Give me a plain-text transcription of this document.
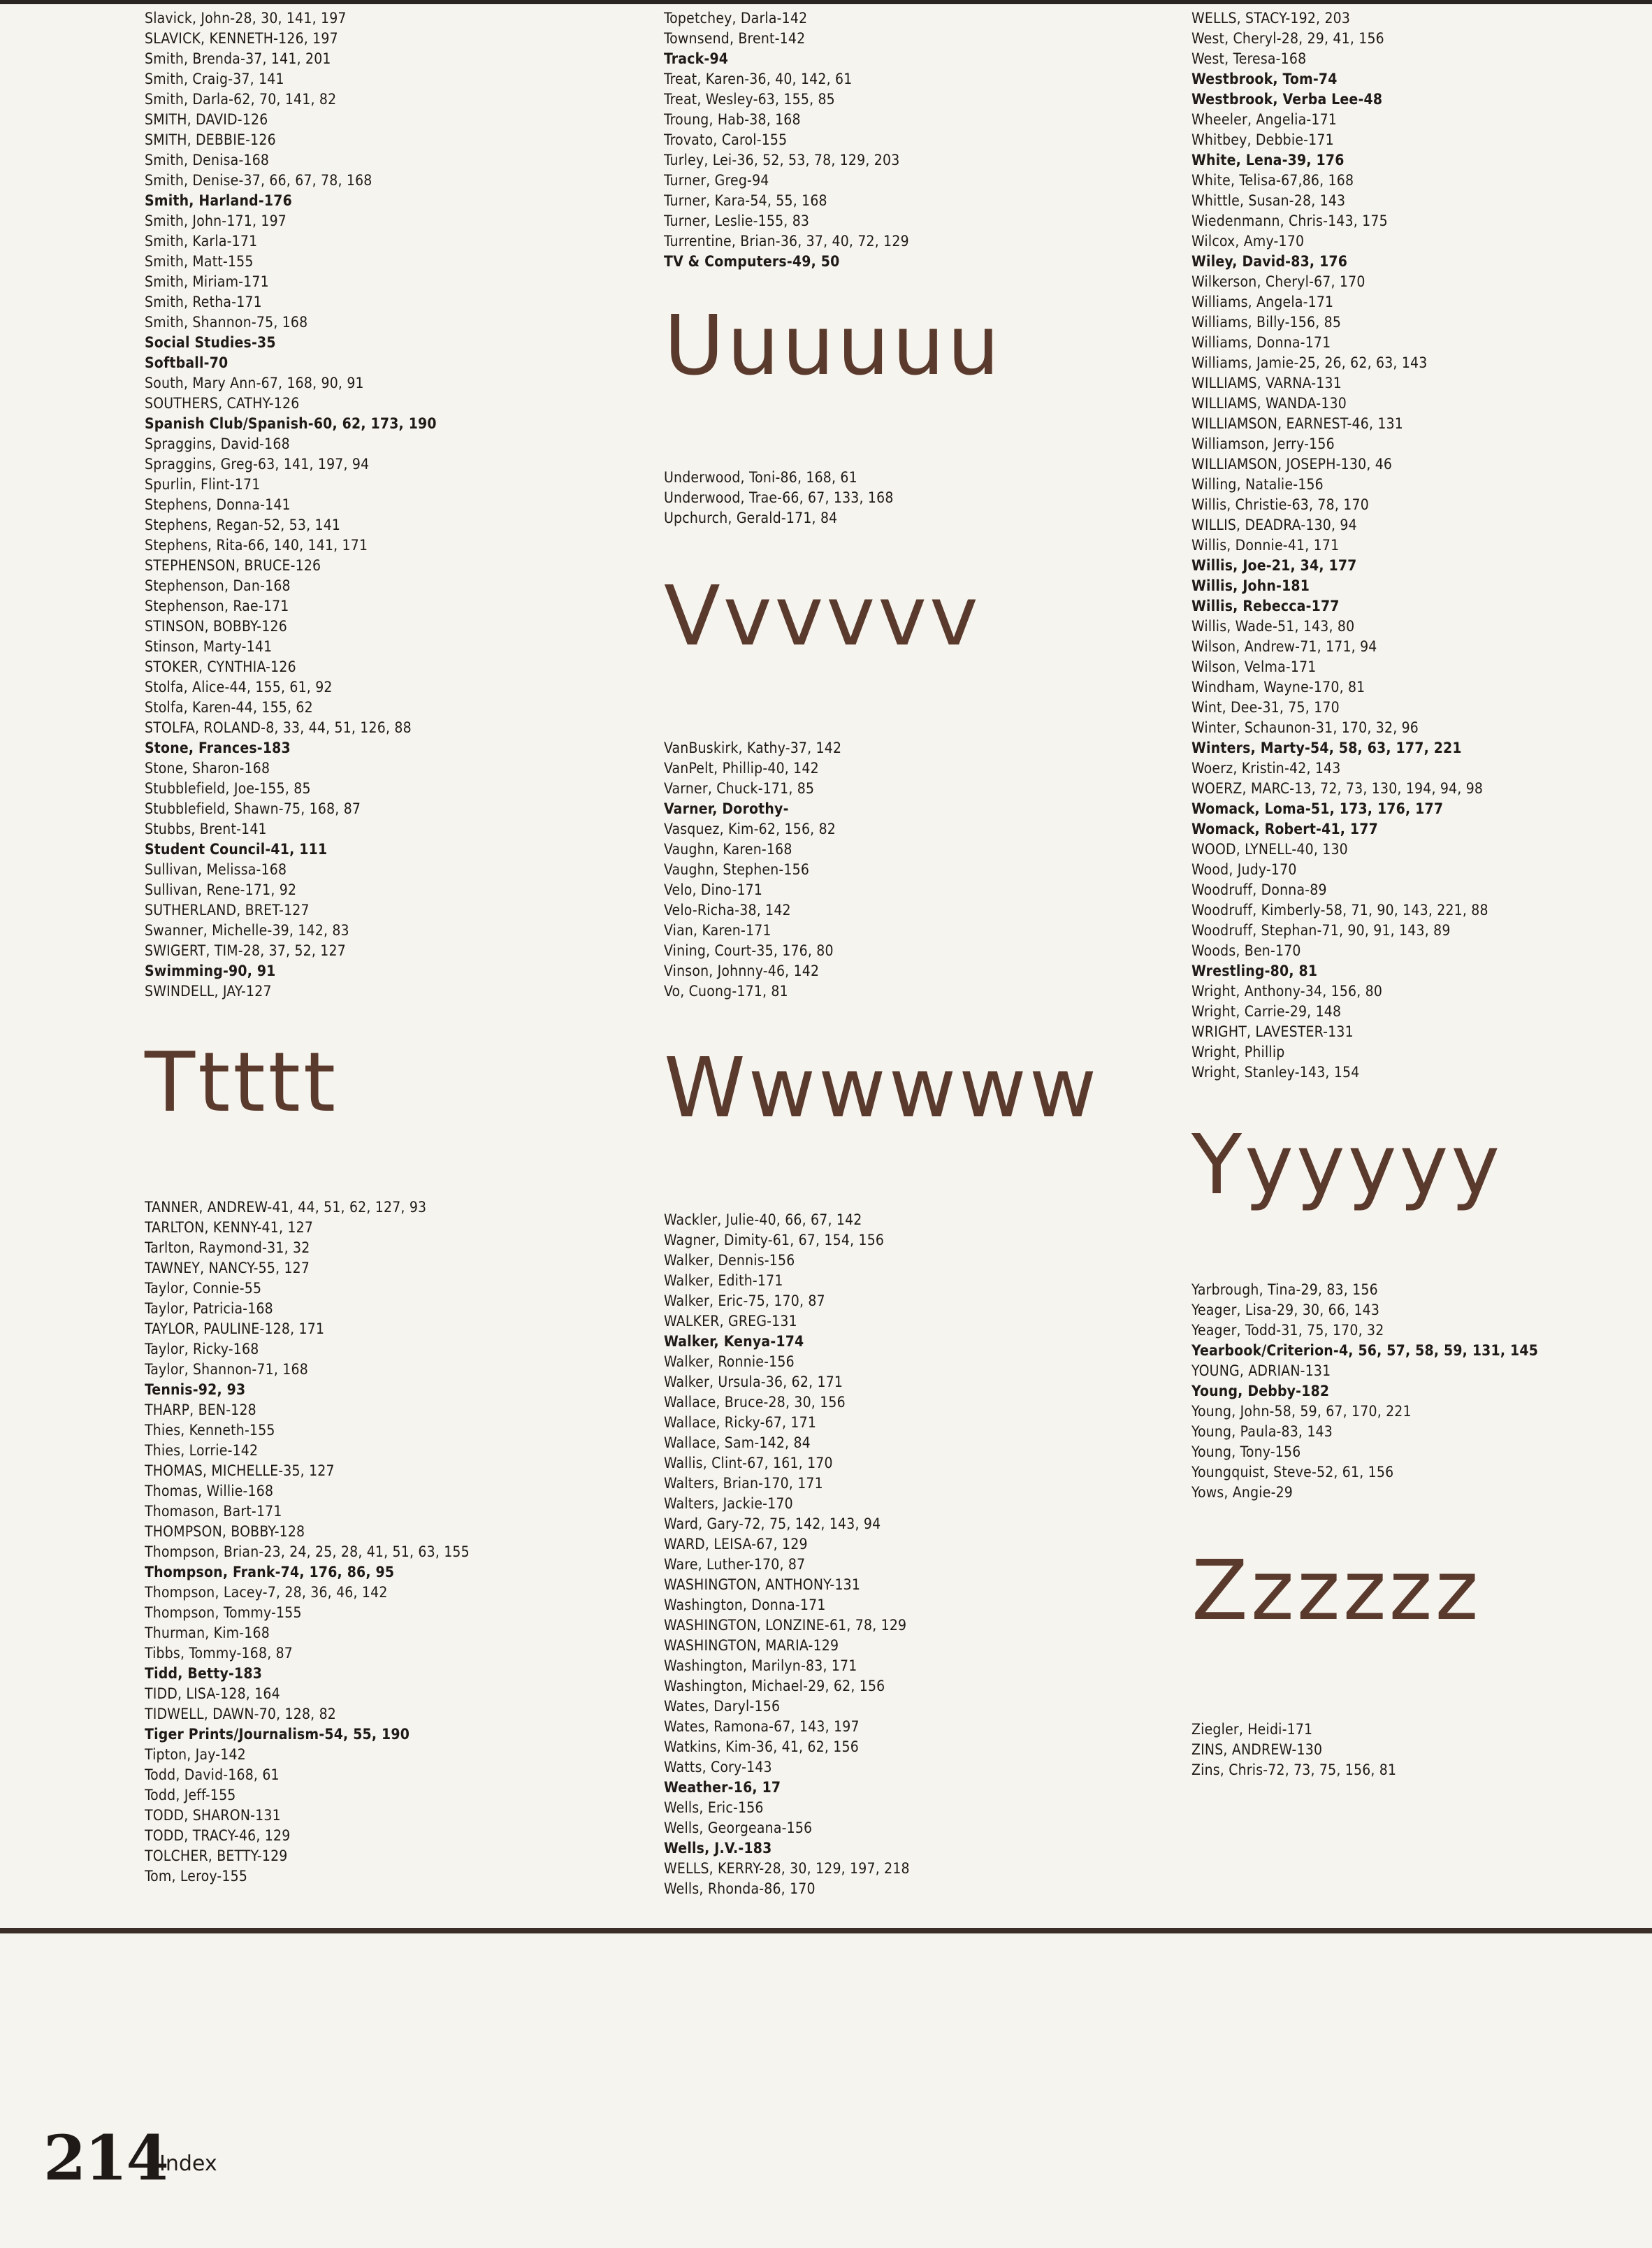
Slavick, John-28, 30, 141, 197
SLAVICK, KENNETH-126, 197
Smith, Brenda-37, 141, 201
Smith, Craig-37, 141
Smith, Darla-62, 70, 141, 82
SMITH, DAVID-126
SMITH, DEBBIE-126
Smith, Denisa-168
Smith, Denise-37, 66, 67, 78, 168
Smith, Harland-176
Smith, John-171, 197
Smith, Karla-171
Smith, Matt-155
Smith, Miriam-171
Smith, Retha-171
Smith, Shannon-75, 168
Social Studies-35
Softball-70
South, Mary Ann-67, 168, 90, 91
SOUTHERS, CATHY-126
Spanish Club/Spanish-60, 62, 173, 190
Spraggins, David-168
Spraggins, Greg-63, 141, 197, 94
Spurlin, Flint-171
Stephens, Donna-141
Stephens, Regan-52, 53, 141
Stephens, Rita-66, 140, 141, 171
STEPHENSON, BRUCE-126
Stephenson, Dan-168
Stephenson, Rae-171
STINSON, BOBBY-126
Stinson, Marty-141
STOKER, CYNTHIA-126
Stolfa, Alice-44, 155, 61, 92
Stolfa, Karen-44, 155, 62
STOLFA, ROLAND-8, 33, 44, 51, 126, 88
Stone, Frances-183
Stone, Sharon-168
Stubblefield, Joe-155, 85
Stubblefield, Shawn-75, 168, 87
Stubbs, Brent-141
Student Council-41, 111
Sullivan, Melissa-168
Sullivan, Rene-171, 92
SUTHERLAND, BRET-127
Swanner, Michelle-39, 142, 83
SWIGERT, TIM-28, 37, 52, 127
Swimming-90, 91
SWINDELL, JAY-127
Ttttt
TANNER, ANDREW-41, 44, 51, 62, 127, 93
TARLTON, KENNY-41, 127
Tarlton, Raymond-31, 32
TAWNEY, NANCY-55, 127
Taylor, Connie-55
Taylor, Patricia-168
TAYLOR, PAULINE-128, 171
Taylor, Ricky-168
Taylor, Shannon-71, 168
Tennis-92, 93
THARP, BEN-128
Thies, Kenneth-155
Thies, Lorrie-142
THOMAS, MICHELLE-35, 127
Thomas, Willie-168
Thomason, Bart-171
THOMPSON, BOBBY-128
Thompson, Brian-23, 24, 25, 28, 41, 51, 63, 155
Thompson, Frank-74, 176, 86, 95
Thompson, Lacey-7, 28, 36, 46, 142
Thompson, Tommy-155
Thurman, Kim-168
Tibbs, Tommy-168, 87
Tidd, Betty-183
TIDD, LISA-128, 164
TIDWELL, DAWN-70, 128, 82
Tiger Prints/Journalism-54, 55, 190
Tipton, Jay-142
Todd, David-168, 61
Todd, Jeff-155
TODD, SHARON-131
TODD, TRACY-46, 129
TOLCHER, BETTY-129
Tom, Leroy-155
Topetchey, Darla-142
Townsend, Brent-142
Track-94
Treat, Karen-36, 40, 142, 61
Treat, Wesley-63, 155, 85
Troung, Hab-38, 168
Trovato, Carol-155
Turley, Lei-36, 52, 53, 78, 129, 203
Turner, Greg-94
Turner, Kara-54, 55, 168
Turner, Leslie-155, 83
Turrentine, Brian-36, 37, 40, 72, 129
TV & Computers-49, 50
Uuuuuu
Underwood, Toni-86, 168, 61
Underwood, Trae-66, 67, 133, 168
Upchurch, Gerald-171, 84
Vvvvvv
VanBuskirk, Kathy-37, 142
VanPelt, Phillip-40, 142
Varner, Chuck-171, 85
Varner, Dorothy-
Vasquez, Kim-62, 156, 82
Vaughn, Karen-168
Vaughn, Stephen-156
Velo, Dino-171
Velo-Richa-38, 142
Vian, Karen-171
Vining, Court-35, 176, 80
Vinson, Johnny-46, 142
Vo, Cuong-171, 81
Wwwwww
Wackler, Julie-40, 66, 67, 142
Wagner, Dimity-61, 67, 154, 156
Walker, Dennis-156
Walker, Edith-171
Walker, Eric-75, 170, 87
WALKER, GREG-131
Walker, Kenya-174
Walker, Ronnie-156
Walker, Ursula-36, 62, 171
Wallace, Bruce-28, 30, 156
Wallace, Ricky-67, 171
Wallace, Sam-142, 84
Wallis, Clint-67, 161, 170
Walters, Brian-170, 171
Walters, Jackie-170
Ward, Gary-72, 75, 142, 143, 94
WARD, LEISA-67, 129
Ware, Luther-170, 87
WASHINGTON, ANTHONY-131
Washington, Donna-171
WASHINGTON, LONZINE-61, 78, 129
WASHINGTON, MARIA-129
Washington, Marilyn-83, 171
Washington, Michael-29, 62, 156
Wates, Daryl-156
Wates, Ramona-67, 143, 197
Watkins, Kim-36, 41, 62, 156
Watts, Cory-143
Weather-16, 17
Wells, Eric-156
Wells, Georgeana-156
Wells, J.V.-183
WELLS, KERRY-28, 30, 129, 197, 218
Wells, Rhonda-86, 170
WELLS, STACY-192, 203
West, Cheryl-28, 29, 41, 156
West, Teresa-168
Westbrook, Tom-74
Westbrook, Verba Lee-48
Wheeler, Angelia-171
Whitbey, Debbie-171
White, Lena-39, 176
White, Telisa-67,86, 168
Whittle, Susan-28, 143
Wiedenmann, Chris-143, 175
Wilcox, Amy-170
Wiley, David-83, 176
Wilkerson, Cheryl-67, 170
Williams, Angela-171
Williams, Billy-156, 85
Williams, Donna-171
Williams, Jamie-25, 26, 62, 63, 143
WILLIAMS, VARNA-131
WILLIAMS, WANDA-130
WILLIAMSON, EARNEST-46, 131
Williamson, Jerry-156
WILLIAMSON, JOSEPH-130, 46
Willing, Natalie-156
Willis, Christie-63, 78, 170
WILLIS, DEADRA-130, 94
Willis, Donnie-41, 171
Willis, Joe-21, 34, 177
Willis, John-181
Willis, Rebecca-177
Willis, Wade-51, 143, 80
Wilson, Andrew-71, 171, 94
Wilson, Velma-171
Windham, Wayne-170, 81
Wint, Dee-31, 75, 170
Winter, Schaunon-31, 170, 32, 96
Winters, Marty-54, 58, 63, 177, 221
Woerz, Kristin-42, 143
WOERZ, MARC-13, 72, 73, 130, 194, 94, 98
Womack, Loma-51, 173, 176, 177
Womack, Robert-41, 177
WOOD, LYNELL-40, 130
Wood, Judy-170
Woodruff, Donna-89
Woodruff, Kimberly-58, 71, 90, 143, 221, 88
Woodruff, Stephan-71, 90, 91, 143, 89
Woods, Ben-170
Wrestling-80, 81
Wright, Anthony-34, 156, 80
Wright, Carrie-29, 148
WRIGHT, LAVESTER-131
Wright, Phillip
Wright, Stanley-143, 154
Yyyyyy
Yarbrough, Tina-29, 83, 156
Yeager, Lisa-29, 30, 66, 143
Yeager, Todd-31, 75, 170, 32
Yearbook/Criterion-4, 56, 57, 58, 59, 131, 145
YOUNG, ADRIAN-131
Young, Debby-182
Young, John-58, 59, 67, 170, 221
Young, Paula-83, 143
Young, Tony-156
Youngquist, Steve-52, 61, 156
Yows, Angie-29
Zzzzzz
Ziegler, Heidi-171
ZINS, ANDREW-130
Zins, Chris-72, 73, 75, 156, 81
214
Index
